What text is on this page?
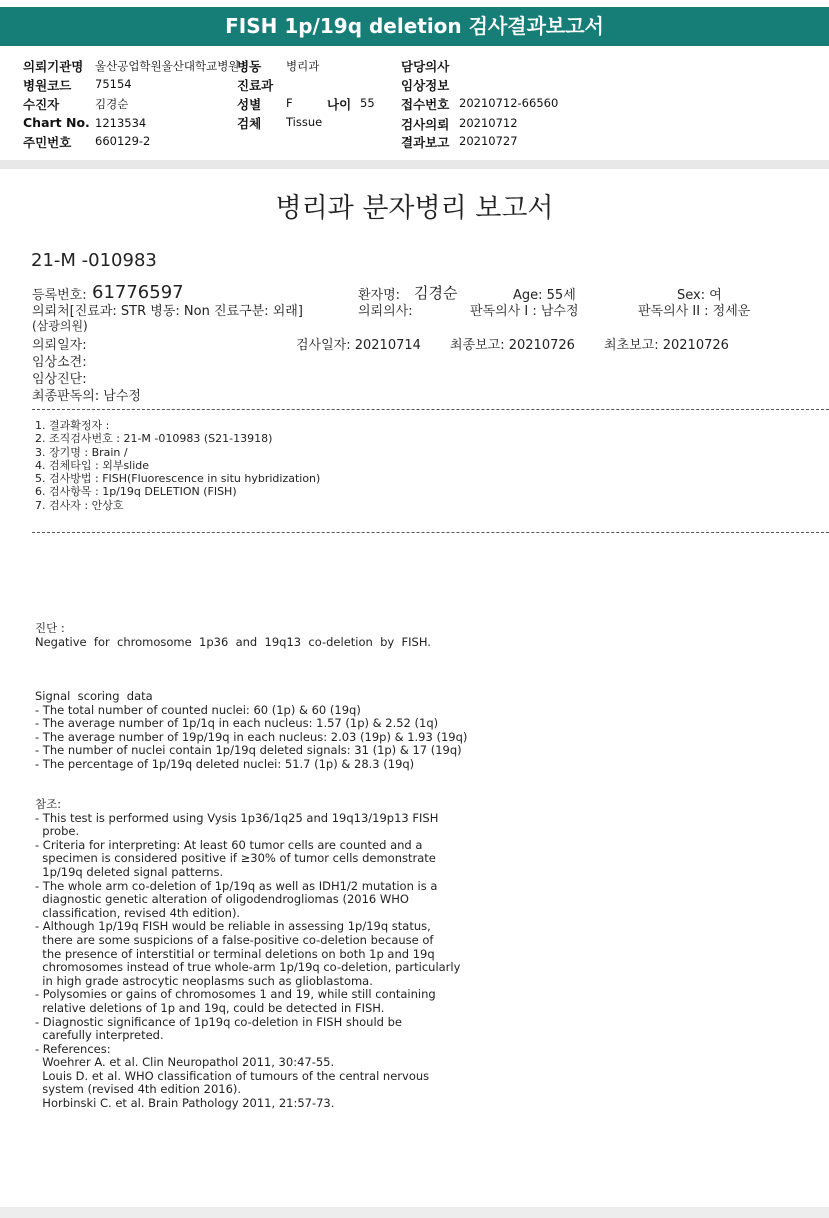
FISH 1p/19q deletion 검사결과보고서
의뢰기관명 울산공업학원울산대학교병원
병동 병리과	담당의사
병원코드 75154	진료과	임상정보
수진자	김경순	성별 F	나이 55 접수번호 20210712-66560
Chart No. 1213534	검체 Tissue	검사의뢰 20210712
주민번호 660129-2	결과보고 20210727
병리과 분자병리 보고서
21-M -010983
등록번호: 61776597	환자명: 김경순	Age: 55세	Sex: 여
의뢰처[진료과: STR 병동: Non 진료구분: 외래]	의뢰의사:	판독의사 I : 남수정	판독의사 II : 정세운
(삼광의원)
의뢰일자:	검사일자: 20210714 최종보고: 20210726 최초보고: 20210726
임상소견:
임상진단:
최종판독의: 남수정
1. 결과확정자 :
2. 조직검사번호 : 21-M -010983 (S21-13918)
3. 장기명 : Brain /
4. 검체타입 : 외부slide
5. 검사방법 : FISH(Fluorescence in situ hybridization)
6. 검사항목 : 1p/19q DELETION (FISH)
7. 검사자 : 안상호
진단 :
Negative  for  chromosome  1p36  and  19q13  co-deletion  by  FISH.
Signal  scoring  data
- The total number of counted nuclei: 60 (1p) & 60 (19q)
- The average number of 1p/1q in each nucleus: 1.57 (1p) & 2.52 (1q)
- The average number of 19p/19q in each nucleus: 2.03 (19p) & 1.93 (19q)
- The number of nuclei contain 1p/19q deleted signals: 31 (1p) & 17 (19q)
- The percentage of 1p/19q deleted nuclei: 51.7 (1p) & 28.3 (19q)
참조:
- This test is performed using Vysis 1p36/1q25 and 19q13/19p13 FISH
probe.
- Criteria for interpreting: At least 60 tumor cells are counted and a
specimen is considered positive if ≥30% of tumor cells demonstrate
1p/19q deleted signal patterns.
- The whole arm co-deletion of 1p/19q as well as IDH1/2 mutation is a
diagnostic genetic alteration of oligodendrogliomas (2016 WHO
classification, revised 4th edition).
- Although 1p/19q FISH would be reliable in assessing 1p/19q status,
there are some suspicions of a false-positive co-deletion because of
the presence of interstitial or terminal deletions on both 1p and 19q
chromosomes instead of true whole-arm 1p/19q co-deletion, particularly
in high grade astrocytic neoplasms such as glioblastoma.
- Polysomies or gains of chromosomes 1 and 19, while still containing
relative deletions of 1p and 19q, could be detected in FISH.
- Diagnostic significance of 1p19q co-deletion in FISH should be
carefully interpreted.
- References:
Woehrer A. et al. Clin Neuropathol 2011, 30:47-55.
Louis D. et al. WHO classification of tumours of the central nervous
system (revised 4th edition 2016).
Horbinski C. et al. Brain Pathology 2011, 21:57-73.
